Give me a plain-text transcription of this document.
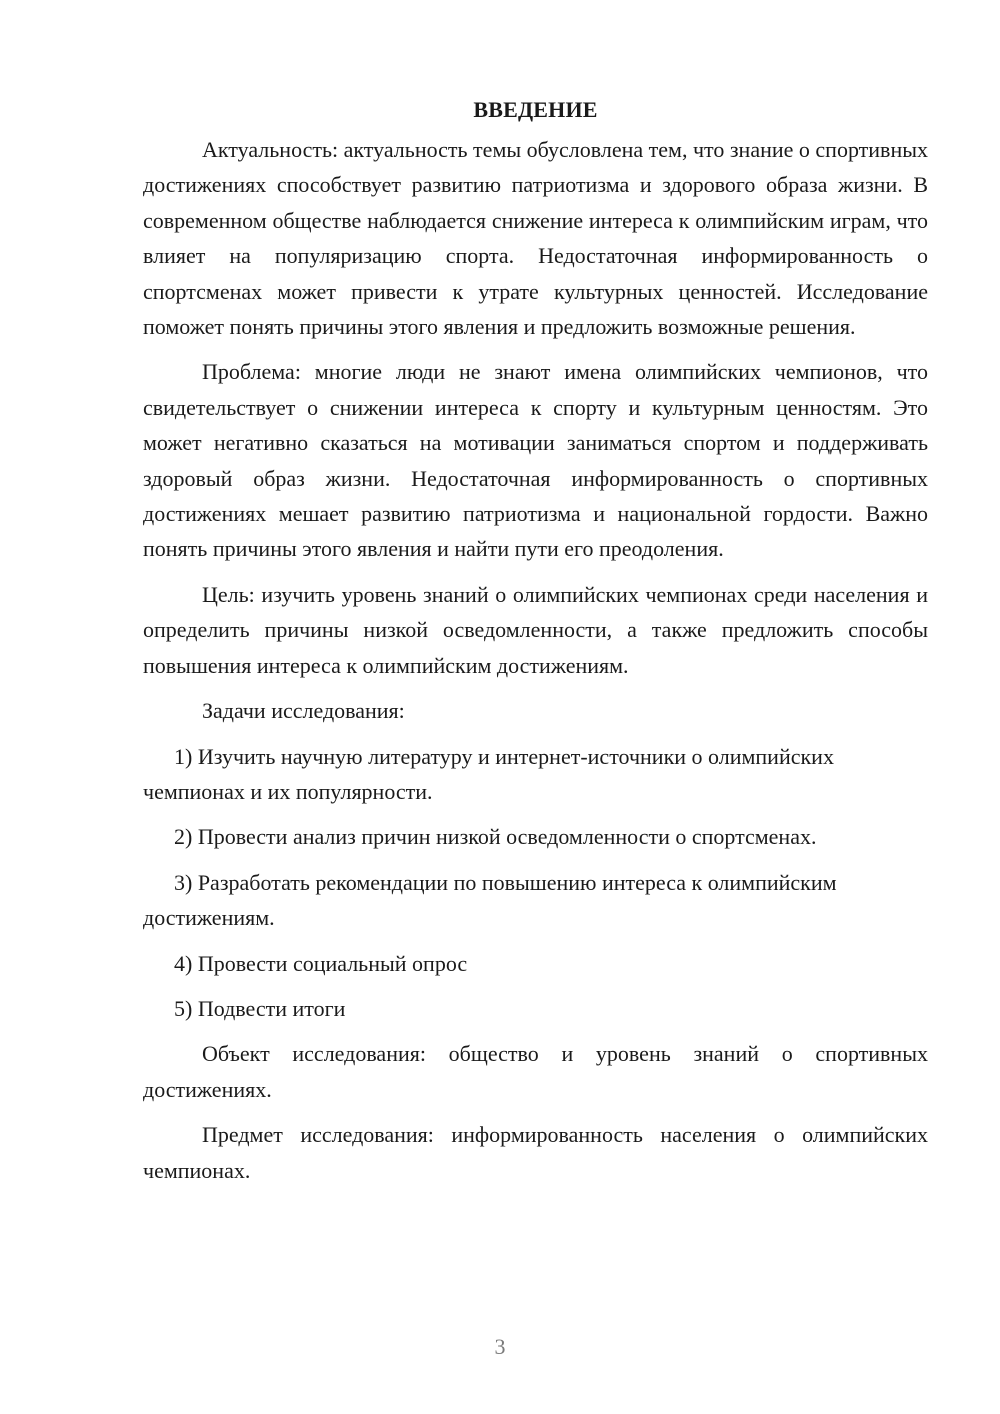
ВВЕДЕНИЕ

Актуальность: актуальность темы обусловлена тем, что знание о спортивных достижениях способствует развитию патриотизма и здорового образа жизни. В современном обществе наблюдается снижение интереса к олимпийским играм, что влияет на популяризацию спорта. Недостаточная информированность о спортсменах может привести к утрате культурных ценностей. Исследование поможет понять причины этого явления и предложить возможные решения.

Проблема: многие люди не знают имена олимпийских чемпионов, что свидетельствует о снижении интереса к спорту и культурным ценностям. Это может негативно сказаться на мотивации заниматься спортом и поддерживать здоровый образ жизни. Недостаточная информированность о спортивных достижениях мешает развитию патриотизма и национальной гордости. Важно понять причины этого явления и найти пути его преодоления.

Цель: изучить уровень знаний о олимпийских чемпионах среди населения и определить причины низкой осведомленности, а также предложить способы повышения интереса к олимпийским достижениям.

Задачи исследования:

1) Изучить научную литературу и интернет-источники о олимпийских чемпионах и их популярности.

2) Провести анализ причин низкой осведомленности о спортсменах.

3) Разработать рекомендации по повышению интереса к олимпийским достижениям.

4) Провести социальный опрос

5) Подвести итоги

Объект исследования: общество и уровень знаний о спортивных достижениях.

Предмет исследования: информированность населения о олимпийских чемпионах.

3
